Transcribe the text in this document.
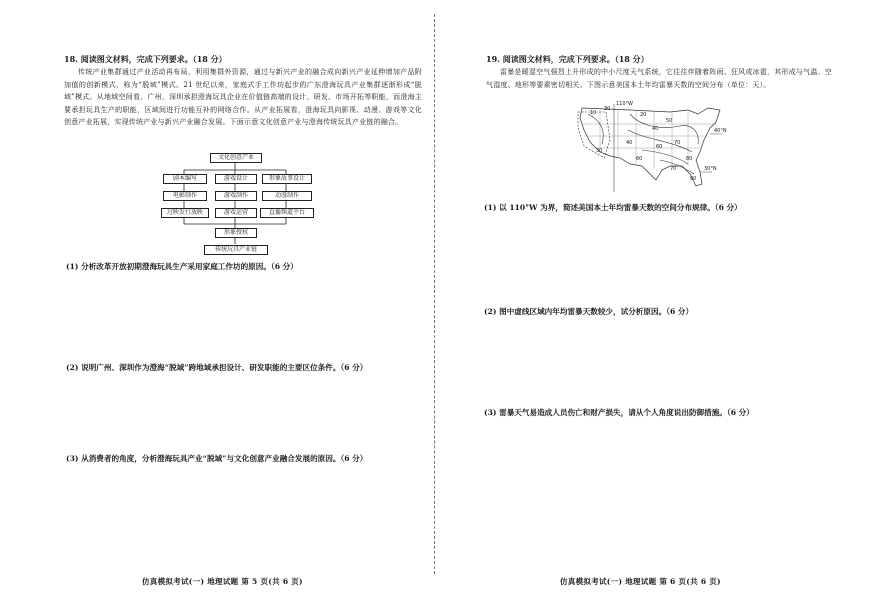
18. 阅读图文材料，完成下列要求。（18 分）
传统产业集群通过产业活动再布局，利用集群外资源，通过与新兴产业的融合成向新兴产业延伸增加产品附加值的创新模式，称为“脱域”模式。21 世纪以来，家庭式手工作坊起步的广东澄海玩具产业集群逐渐形成“脱域”模式。从地域空间看，广州、深圳承担澄海玩具企业在价值链高端的设计、研发、市场开拓等职能，而澄海主要承担玩具生产的职能，区域间进行功能互补的网络合作。从产业拓展看，澄海玩具向影视、动漫、游戏等文化创意产业拓展，实现传统产业与新兴产业融合发展。下面示意文化创意产业与澄海传统玩具产业链的融合。
文化创意产业
剧本编写	游戏设计	形象故事设计
电影制作	游戏制作	动漫制作
过映发行放映	游戏运营	直播频道平台
形象授权
传统玩具产业链
(1) 分析改革开放初期澄海玩具生产采用家庭工作坊的原因。（6 分）
(2) 说明广州、深圳作为澄海“脱域”跨地域承担设计、研发职能的主要区位条件。（6 分）
(3) 从消费者的角度，分析澄海玩具产业“脱域”与文化创意产业融合发展的原因。（6 分）
仿真模拟考试(一) 地理试题 第 5 页(共 6 页)
19. 阅读图文材料，完成下列要求。（18 分）
雷暴是暖湿空气强烈上升形成的中小尺度天气系统，它往往伴随着阵雨、狂风或冰雹，其形成与气温、空气湿度、地形等要素密切相关。下图示意美国本土年均雷暴天数的空间分布（单位：天）。
110°W
40°N
30°N
10
30
20
50
40
70
60
80
90
30
60
40
70
(1) 以 110°W 为界，简述美国本土年均雷暴天数的空间分布规律。（6 分）
(2) 图中虚线区域内年均雷暴天数较少，试分析原因。（6 分）
(3) 雷暴天气易造成人员伤亡和财产损失，请从个人角度说出防御措施。（6 分）
仿真模拟考试(一) 地理试题 第 6 页(共 6 页)
